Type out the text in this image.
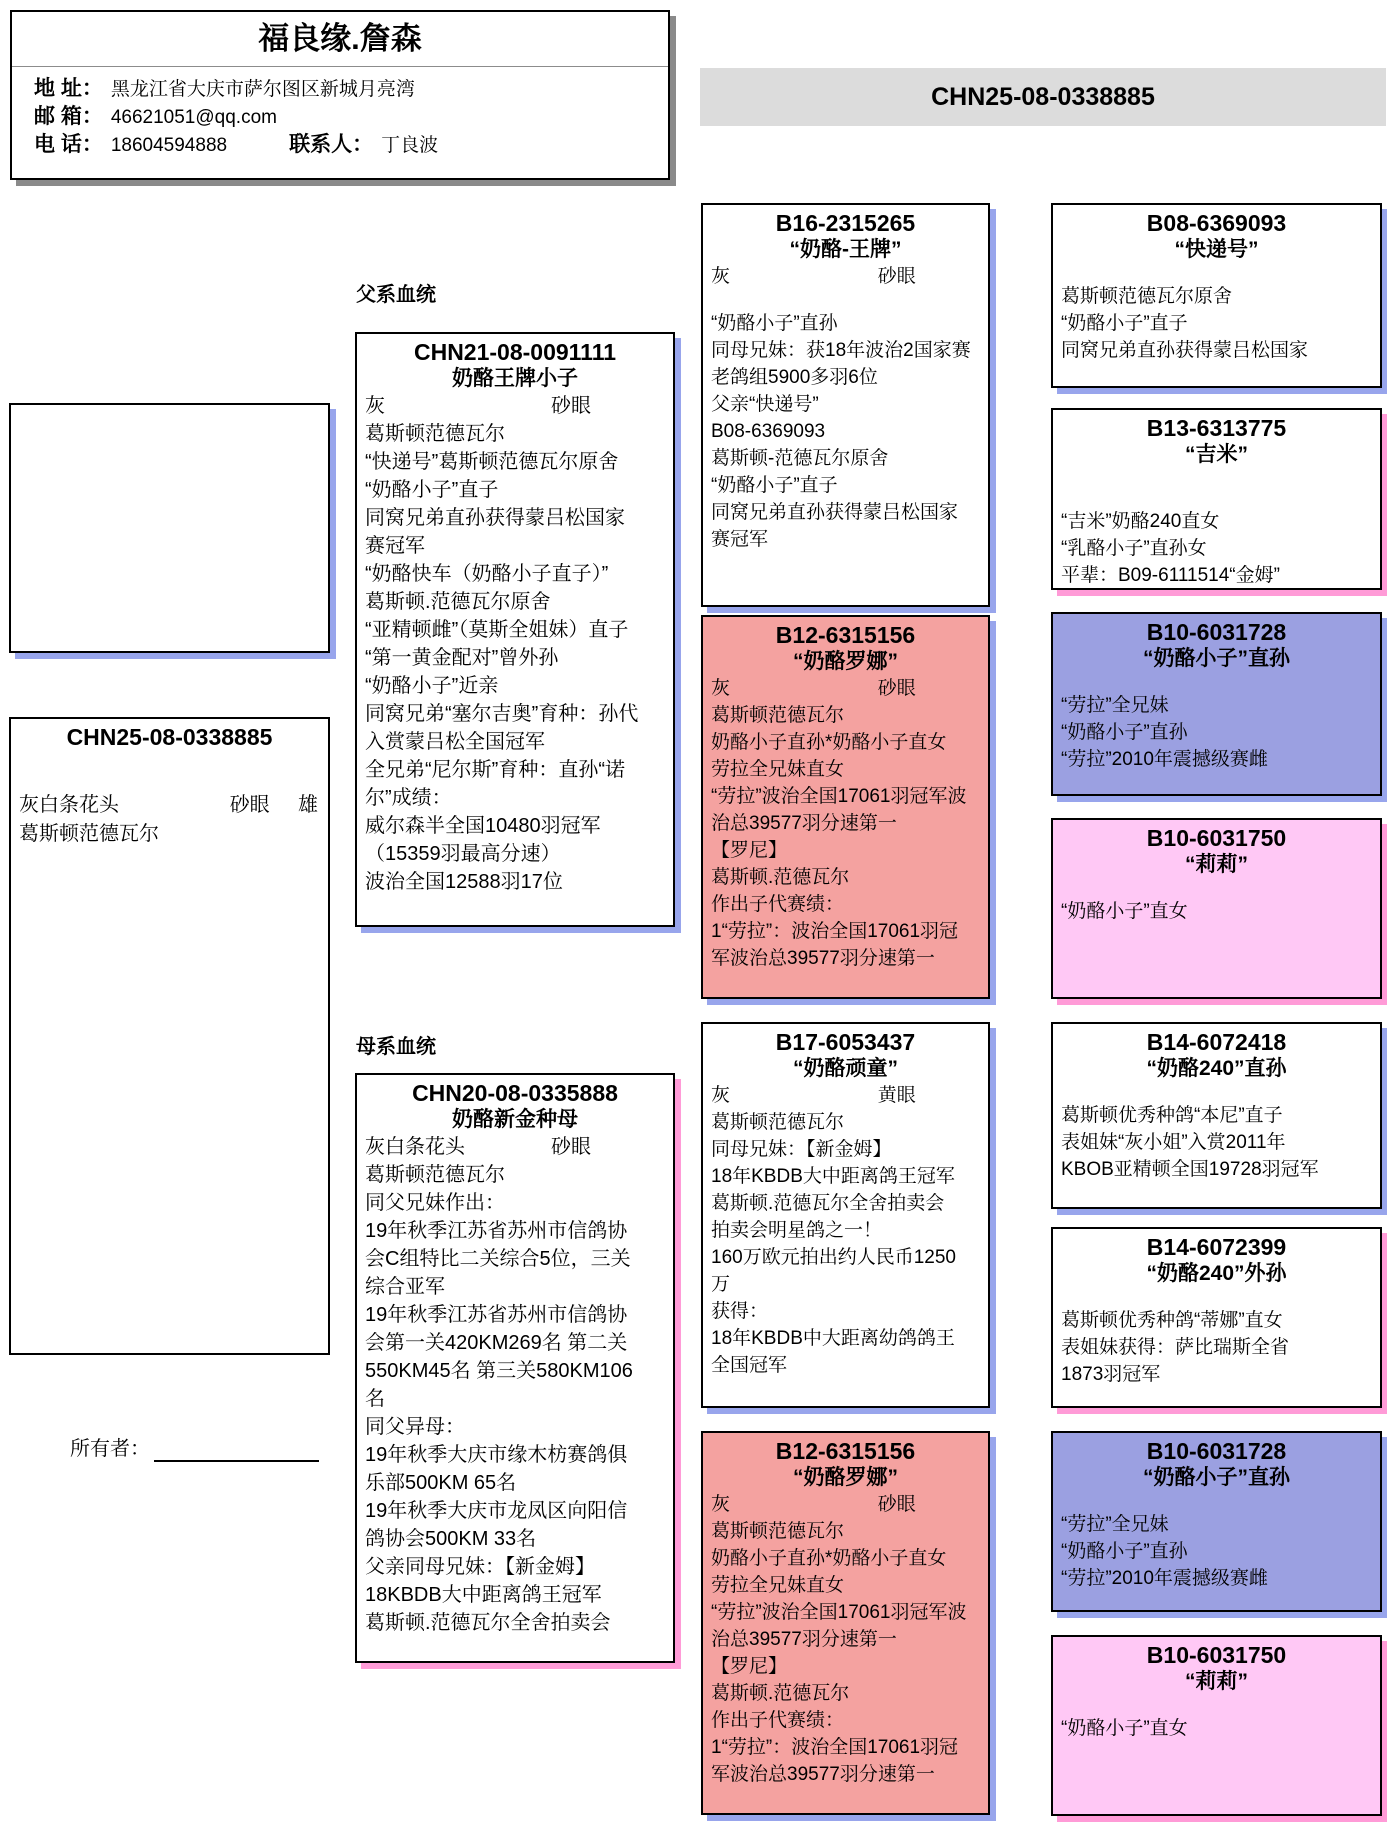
福良缘.詹森
地 址： 黑龙江省大庆市萨尔图区新城月亮湾
邮 箱： 46621051@qq.com
电 话： 18604594888	联系人： 丁良波
CHN25-08-0338885
CHN25-08-0338885
灰白条花头	砂眼 雄
葛斯顿范德瓦尔
父系血统
母系血统
CHN21-08-0091111
奶酪王牌小子
灰	砂眼
葛斯顿范德瓦尔
“快递号”葛斯顿范德瓦尔原舍
“奶酪小子”直子
同窝兄弟直孙获得蒙吕松国家
赛冠军
“奶酪快车（奶酪小子直子）”
葛斯顿.范德瓦尔原舍
“亚精顿雌”（莫斯全姐妹）直子
“第一黄金配对”曾外孙
“奶酪小子”近亲
同窝兄弟“塞尔吉奥”育种：孙代
入赏蒙吕松全国冠军
全兄弟“尼尔斯”育种：直孙“诺
尔”成绩：
威尔森半全国10480羽冠军
（15359羽最高分速）
波治全国12588羽17位
CHN20-08-0335888
奶酪新金种母
灰白条花头	砂眼
葛斯顿范德瓦尔
同父兄妹作出：
19年秋季江苏省苏州市信鸽协
会C组特比二关综合5位，三关
综合亚军
19年秋季江苏省苏州市信鸽协
会第一关420KM269名 第二关
550KM45名 第三关580KM106
名
同父异母：
19年秋季大庆市缘木枋赛鸽俱
乐部500KM 65名
19年秋季大庆市龙凤区向阳信
鸽协会500KM 33名
父亲同母兄妹：【新金姆】
18KBDB大中距离鸽王冠军
葛斯顿.范德瓦尔全舍拍卖会
B16-2315265
“奶酪-王牌”
灰	砂眼
“奶酪小子”直孙
同母兄妹：获18年波治2国家赛
老鸽组5900多羽6位
父亲“快递号”
B08-6369093
葛斯顿-范德瓦尔原舍
“奶酪小子”直子
同窝兄弟直孙获得蒙吕松国家
赛冠军
B12-6315156
“奶酪罗娜”
灰	砂眼
葛斯顿范德瓦尔
奶酪小子直孙*奶酪小子直女
劳拉全兄妹直女
“劳拉”波治全国17061羽冠军波
治总39577羽分速第一
【罗尼】
葛斯顿.范德瓦尔
作出子代赛绩：
1“劳拉”：波治全国17061羽冠
军波治总39577羽分速第一
B17-6053437
“奶酪顽童”
灰	黄眼
葛斯顿范德瓦尔
同母兄妹：【新金姆】
18年KBDB大中距离鸽王冠军
葛斯顿.范德瓦尔全舍拍卖会
拍卖会明星鸽之一！
160万欧元拍出约人民币1250
万
获得：
18年KBDB中大距离幼鸽鸽王
全国冠军
B12-6315156
“奶酪罗娜”
灰	砂眼
葛斯顿范德瓦尔
奶酪小子直孙*奶酪小子直女
劳拉全兄妹直女
“劳拉”波治全国17061羽冠军波
治总39577羽分速第一
【罗尼】
葛斯顿.范德瓦尔
作出子代赛绩：
1“劳拉”：波治全国17061羽冠
军波治总39577羽分速第一
B08-6369093
“快递号”
葛斯顿范德瓦尔原舍
“奶酪小子”直子
同窝兄弟直孙获得蒙吕松国家
B13-6313775
“吉米”
“吉米”奶酪240直女
“乳酪小子”直孙女
平辈：B09-6111514“金姆”
B10-6031728
“奶酪小子”直孙
“劳拉”全兄妹
“奶酪小子”直孙
“劳拉”2010年震撼级赛雌
B10-6031750
“莉莉”
“奶酪小子”直女
B14-6072418
“奶酪240”直孙
葛斯顿优秀种鸽“本尼”直子
表姐妹“灰小姐”入赏2011年
KBOB亚精顿全国19728羽冠军
B14-6072399
“奶酪240”外孙
葛斯顿优秀种鸽“蒂娜”直女
表姐妹获得：萨比瑞斯全省
1873羽冠军
B10-6031728
“奶酪小子”直孙
“劳拉”全兄妹
“奶酪小子”直孙
“劳拉”2010年震撼级赛雌
B10-6031750
“莉莉”
“奶酪小子”直女
所有者：
